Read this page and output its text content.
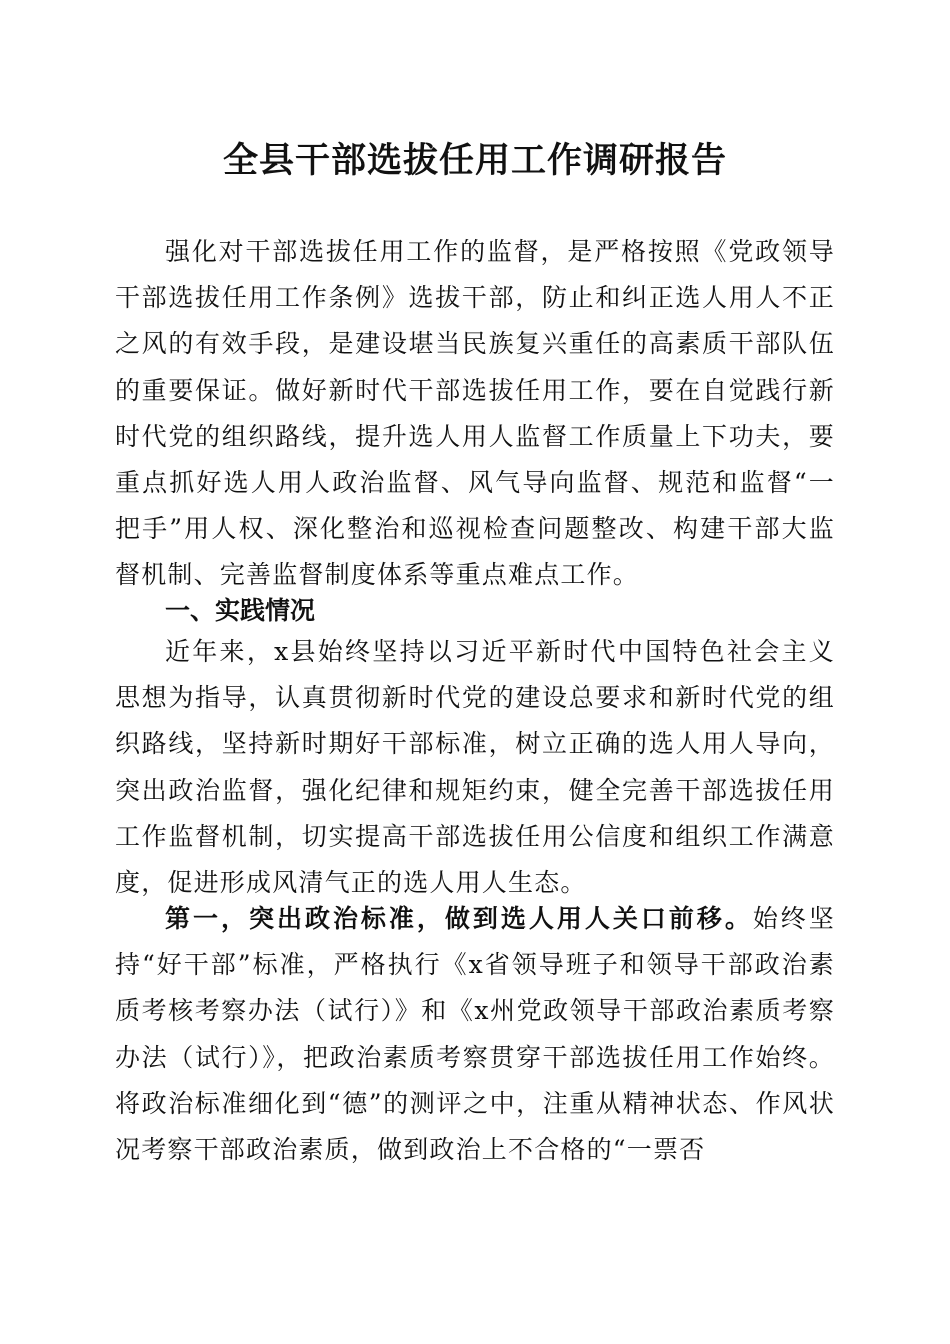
全县干部选拔任用工作调研报告

强化对干部选拔任用工作的监督，是严格按照《党政领导干部选拔任用工作条例》选拔干部，防止和纠正选人用人不正之风的有效手段，是建设堪当民族复兴重任的高素质干部队伍的重要保证。做好新时代干部选拔任用工作，要在自觉践行新时代党的组织路线，提升选人用人监督工作质量上下功夫，要重点抓好选人用人政治监督、风气导向监督、规范和监督“一把手”用人权、深化整治和巡视检查问题整改、构建干部大监督机制、完善监督制度体系等重点难点工作。

一、实践情况

近年来，x县始终坚持以习近平新时代中国特色社会主义思想为指导，认真贯彻新时代党的建设总要求和新时代党的组织路线，坚持新时期好干部标准，树立正确的选人用人导向，突出政治监督，强化纪律和规矩约束，健全完善干部选拔任用工作监督机制，切实提高干部选拔任用公信度和组织工作满意度，促进形成风清气正的选人用人生态。

第一，突出政治标准，做到选人用人关口前移。始终坚持“好干部”标准，严格执行《x省领导班子和领导干部政治素质考核考察办法（试行）》和《x州党政领导干部政治素质考察办法（试行）》，把政治素质考察贯穿干部选拔任用工作始终。将政治标准细化到“德”的测评之中，注重从精神状态、作风状况考察干部政治素质，做到政治上不合格的“一票否
